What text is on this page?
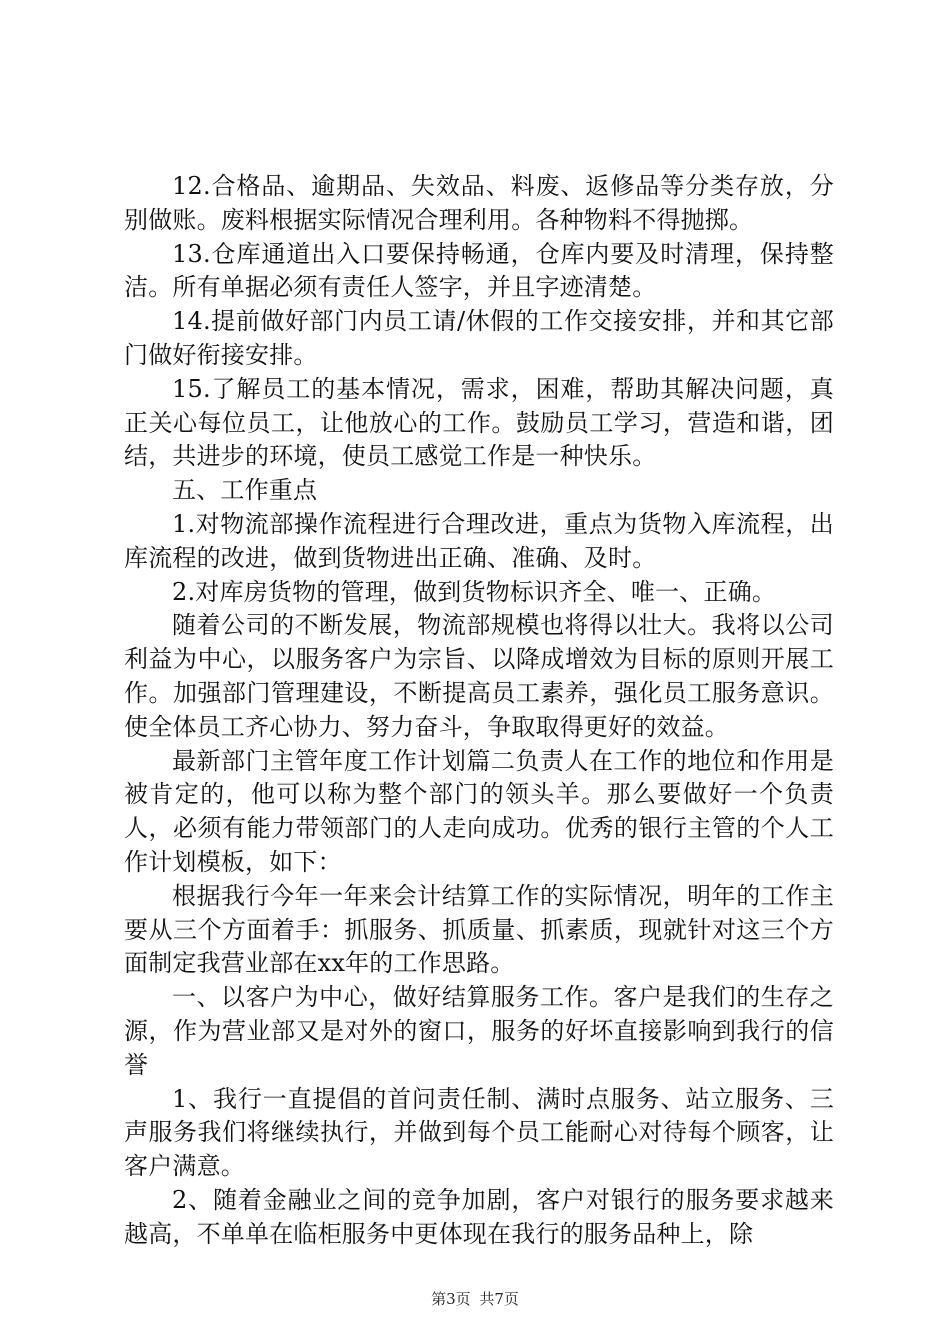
12.合格品、逾期品、失效品、料废、返修品等分类存放，分别做账。废料根据实际情况合理利用。各种物料不得抛掷。

13.仓库通道出入口要保持畅通，仓库内要及时清理，保持整洁。所有单据必须有责任人签字，并且字迹清楚。

14.提前做好部门内员工请/休假的工作交接安排，并和其它部门做好衔接安排。

15.了解员工的基本情况，需求，困难，帮助其解决问题，真正关心每位员工，让他放心的工作。鼓励员工学习，营造和谐，团结，共进步的环境，使员工感觉工作是一种快乐。

五、工作重点

1.对物流部操作流程进行合理改进，重点为货物入库流程，出库流程的改进，做到货物进出正确、准确、及时。

2.对库房货物的管理，做到货物标识齐全、唯一、正确。

随着公司的不断发展，物流部规模也将得以壮大。我将以公司利益为中心，以服务客户为宗旨、以降成增效为目标的原则开展工作。加强部门管理建设，不断提高员工素养，强化员工服务意识。使全体员工齐心协力、努力奋斗，争取取得更好的效益。

最新部门主管年度工作计划篇二负责人在工作的地位和作用是被肯定的，他可以称为整个部门的领头羊。那么要做好一个负责人，必须有能力带领部门的人走向成功。优秀的银行主管的个人工作计划模板，如下：

根据我行今年一年来会计结算工作的实际情况，明年的工作主要从三个方面着手：抓服务、抓质量、抓素质，现就针对这三个方面制定我营业部在xx年的工作思路。

一、以客户为中心，做好结算服务工作。客户是我们的生存之源，作为营业部又是对外的窗口，服务的好坏直接影响到我行的信誉

1、我行一直提倡的首问责任制、满时点服务、站立服务、三声服务我们将继续执行，并做到每个员工能耐心对待每个顾客，让客户满意。

2、随着金融业之间的竞争加剧，客户对银行的服务要求越来越高，不单单在临柜服务中更体现在我行的服务品种上，除

第3页 共7页
